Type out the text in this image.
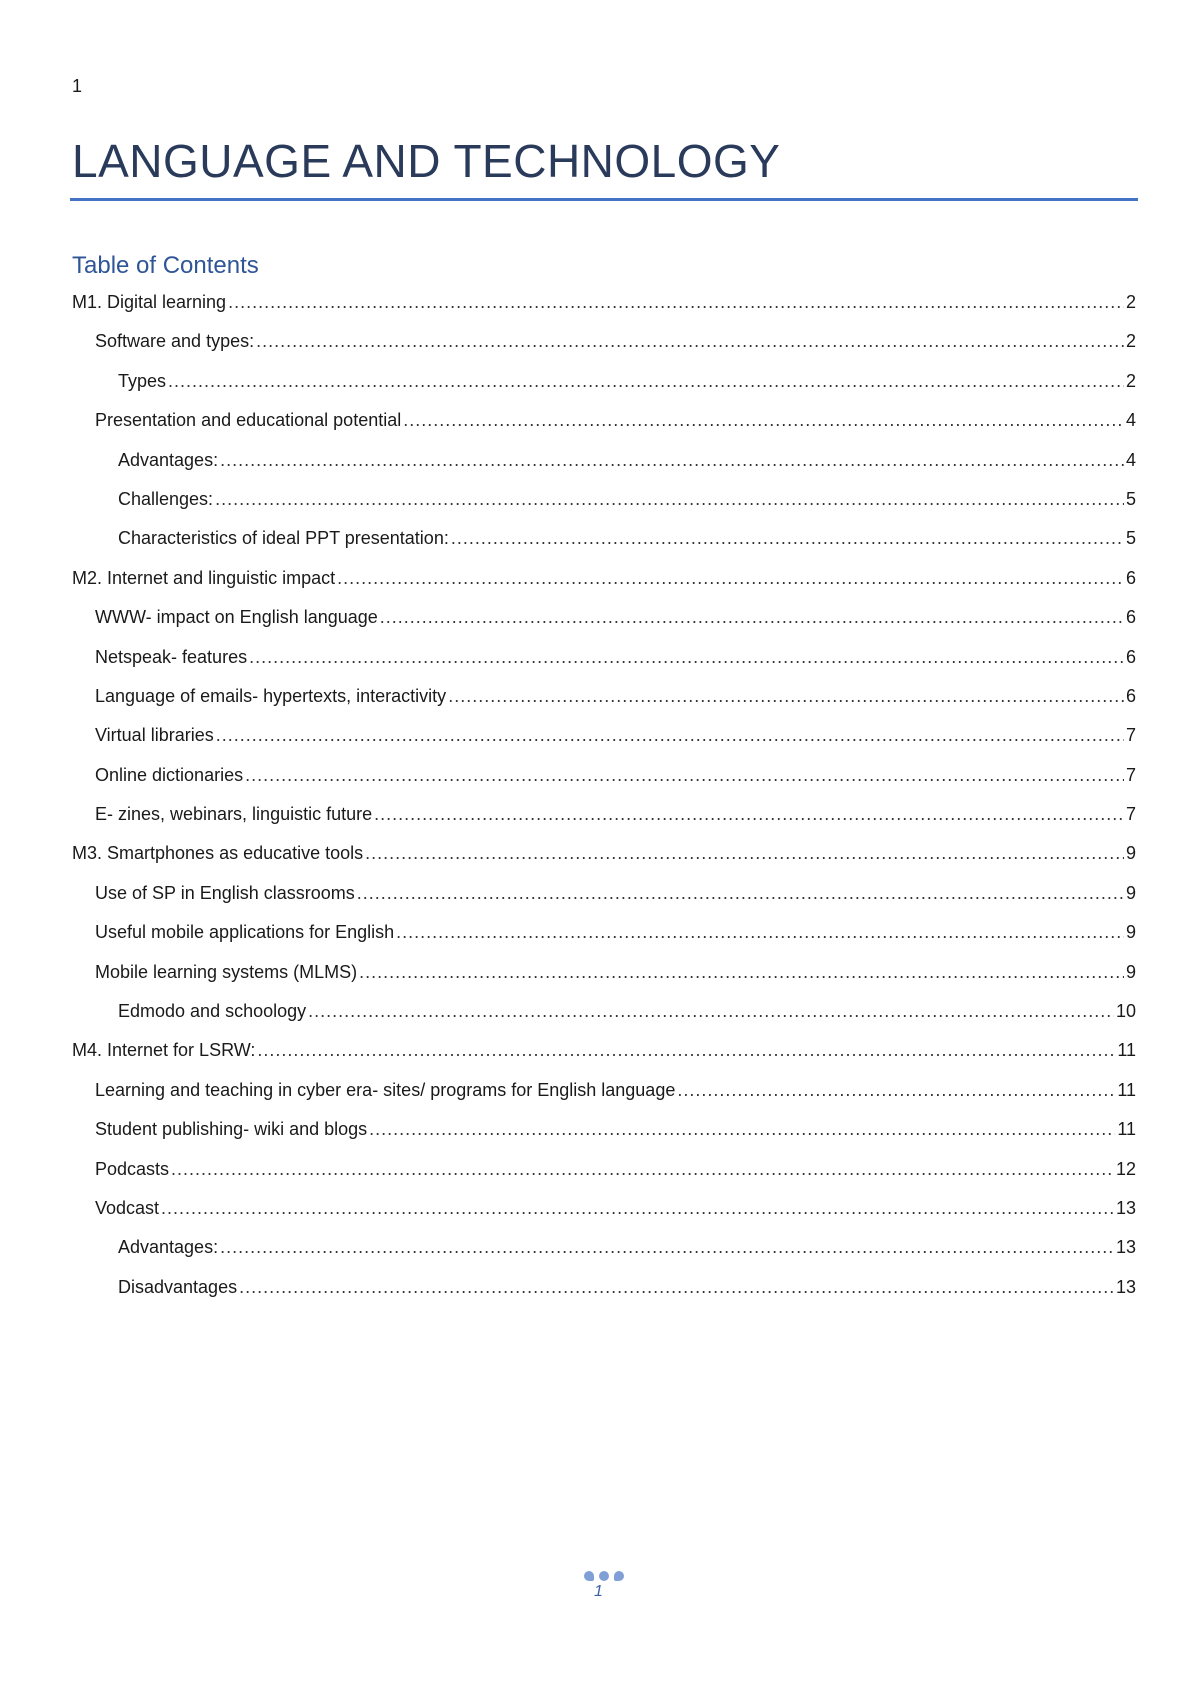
1
LANGUAGE AND TECHNOLOGY
Table of Contents
M1. Digital learning .....	2
Software and types: .....	2
Types .....	2
Presentation and educational potential .....	4
Advantages: .....	4
Challenges: .....	5
Characteristics of ideal PPT presentation: .....	5
M2. Internet and linguistic impact .....	6
WWW- impact on English language .....	6
Netspeak- features .....	6
Language of emails- hypertexts, interactivity .....	6
Virtual libraries .....	7
Online dictionaries .....	7
E- zines, webinars, linguistic future .....	7
M3. Smartphones as educative tools .....	9
Use of SP in English classrooms .....	9
Useful mobile applications for English .....	9
Mobile learning systems (MLMS) .....	9
Edmodo and schoology .....	10
M4. Internet for LSRW: .....	11
Learning and teaching in cyber era- sites/ programs for English language .....	11
Student publishing- wiki and blogs .....	11
Podcasts .....	12
Vodcast .....	13
Advantages: .....	13
Disadvantages .....	13
1
